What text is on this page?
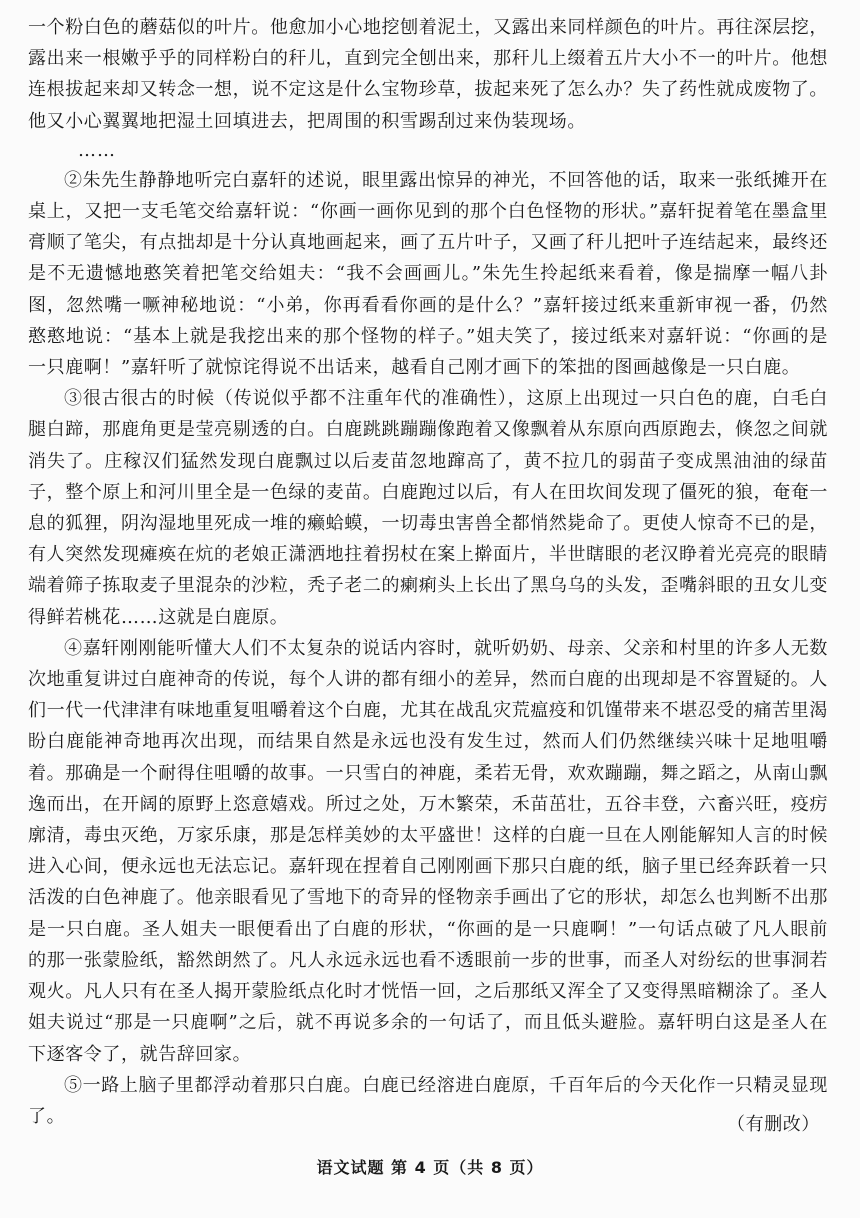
一个粉白色的蘑菇似的叶片。他愈加小心地挖刨着泥土，又露出来同样颜色的叶片。再往深层挖，露出来一根嫩乎乎的同样粉白的秆儿，直到完全刨出来，那秆儿上缀着五片大小不一的叶片。他想连根拔起来却又转念一想，说不定这是什么宝物珍草，拔起来死了怎么办？失了药性就成废物了。他又小心翼翼地把湿土回填进去，把周围的积雪踢刮过来伪装现场。

……

②朱先生静静地听完白嘉轩的述说，眼里露出惊异的神光，不回答他的话，取来一张纸摊开在桌上，又把一支毛笔交给嘉轩说：“你画一画你见到的那个白色怪物的形状。”嘉轩捉着笔在墨盒里膏顺了笔尖，有点拙却是十分认真地画起来，画了五片叶子，又画了秆儿把叶子连结起来，最终还是不无遗憾地憨笑着把笔交给姐夫：“我不会画画儿。”朱先生拎起纸来看着，像是揣摩一幅八卦图，忽然嘴一噘神秘地说：“小弟，你再看看你画的是什么？”嘉轩接过纸来重新审视一番，仍然憨憨地说：“基本上就是我挖出来的那个怪物的样子。”姐夫笑了，接过纸来对嘉轩说：“你画的是一只鹿啊！”嘉轩听了就惊诧得说不出话来，越看自己刚才画下的笨拙的图画越像是一只白鹿。

③很古很古的时候（传说似乎都不注重年代的准确性），这原上出现过一只白色的鹿，白毛白腿白蹄，那鹿角更是莹亮剔透的白。白鹿跳跳蹦蹦像跑着又像飘着从东原向西原跑去，倏忽之间就消失了。庄稼汉们猛然发现白鹿飘过以后麦苗忽地蹿高了，黄不拉几的弱苗子变成黑油油的绿苗子，整个原上和河川里全是一色绿的麦苗。白鹿跑过以后，有人在田坎间发现了僵死的狼，奄奄一息的狐狸，阴沟湿地里死成一堆的癞蛤蟆，一切毒虫害兽全都悄然毙命了。更使人惊奇不已的是，有人突然发现瘫痪在炕的老娘正潇洒地拄着拐杖在案上擀面片，半世瞎眼的老汉睁着光亮亮的眼睛端着筛子拣取麦子里混杂的沙粒，秃子老二的瘌痢头上长出了黑乌乌的头发，歪嘴斜眼的丑女儿变得鲜若桃花……这就是白鹿原。

④嘉轩刚刚能听懂大人们不太复杂的说话内容时，就听奶奶、母亲、父亲和村里的许多人无数次地重复讲过白鹿神奇的传说，每个人讲的都有细小的差异，然而白鹿的出现却是不容置疑的。人们一代一代津津有味地重复咀嚼着这个白鹿，尤其在战乱灾荒瘟疫和饥馑带来不堪忍受的痛苦里渴盼白鹿能神奇地再次出现，而结果自然是永远也没有发生过，然而人们仍然继续兴味十足地咀嚼着。那确是一个耐得住咀嚼的故事。一只雪白的神鹿，柔若无骨，欢欢蹦蹦，舞之蹈之，从南山飘逸而出，在开阔的原野上恣意嬉戏。所过之处，万木繁荣，禾苗茁壮，五谷丰登，六畜兴旺，疫疠廓清，毒虫灭绝，万家乐康，那是怎样美妙的太平盛世！这样的白鹿一旦在人刚能解知人言的时候进入心间，便永远也无法忘记。嘉轩现在捏着自己刚刚画下那只白鹿的纸，脑子里已经奔跃着一只活泼的白色神鹿了。他亲眼看见了雪地下的奇异的怪物亲手画出了它的形状，却怎么也判断不出那是一只白鹿。圣人姐夫一眼便看出了白鹿的形状，“你画的是一只鹿啊！”一句话点破了凡人眼前的那一张蒙脸纸，豁然朗然了。凡人永远永远也看不透眼前一步的世事，而圣人对纷纭的世事洞若观火。凡人只有在圣人揭开蒙脸纸点化时才恍悟一回，之后那纸又浑全了又变得黑暗糊涂了。圣人姐夫说过“那是一只鹿啊”之后，就不再说多余的一句话了，而且低头避脸。嘉轩明白这是圣人在下逐客令了，就告辞回家。

⑤一路上脑子里都浮动着那只白鹿。白鹿已经溶进白鹿原，千百年后的今天化作一只精灵显现了。	（有删改）
语文试题 第 4 页（共 8 页）
